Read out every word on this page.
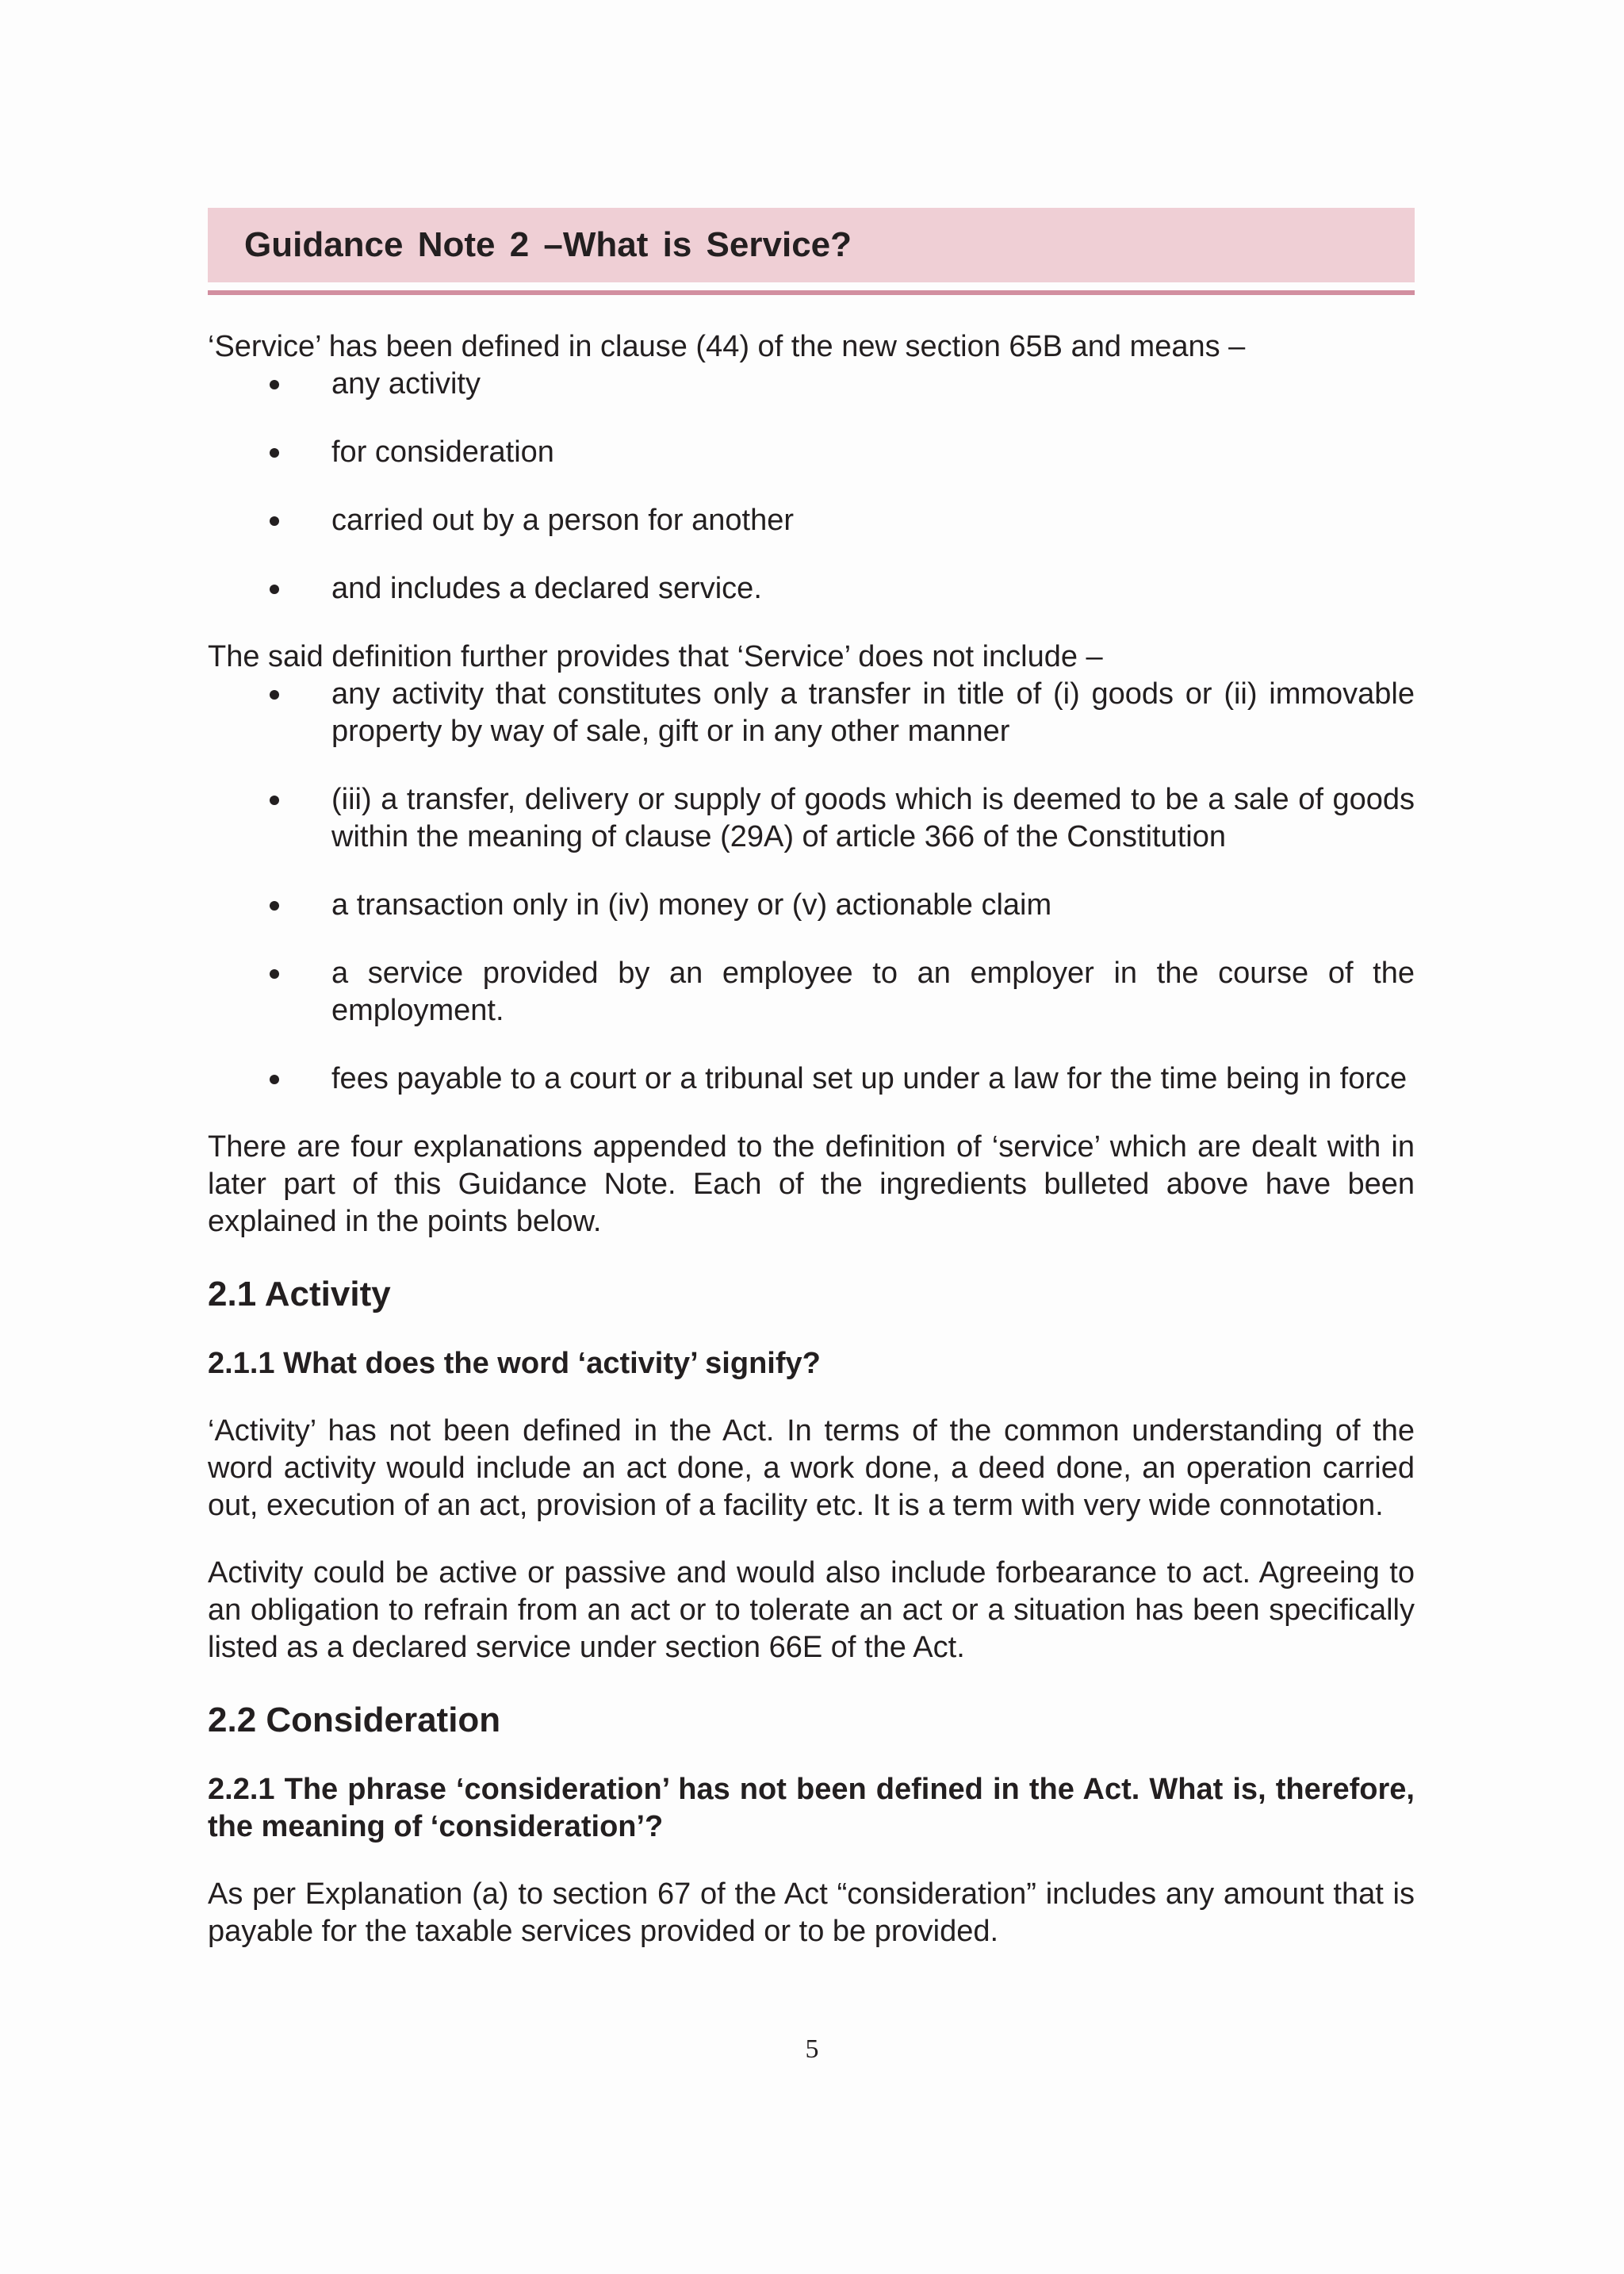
Guidance Note 2 –What is Service?

‘Service’ has been defined in clause (44) of the new section 65B and means –

any activity
for consideration
carried out by a person for another
and includes a declared service.

The said definition further provides that ‘Service’ does not include –

any activity that constitutes only a transfer in title of (i) goods or (ii) immovable property by way of sale, gift or in any other manner
(iii) a transfer, delivery or supply of goods which is deemed to be a sale of goods within the meaning of clause (29A) of article 366 of the Constitution
a transaction only in (iv) money or (v) actionable claim
a service provided by an employee to an employer in the course of the employment.
fees payable to a court or a tribunal set up under a law for the time being in force

There are four explanations appended to the definition of ‘service’ which are dealt with in later part of this Guidance Note. Each of the ingredients bulleted above have been explained in the points below.

2.1 Activity
2.1.1 What does the word ‘activity’ signify?

‘Activity’ has not been defined in the Act. In terms of the common understanding of the word activity would include an act done, a work done, a deed done, an operation carried out, execution of an act, provision of a facility etc. It is a term with very wide connotation.

Activity could be active or passive and would also include forbearance to act. Agreeing to an obligation to refrain from an act or to tolerate an act or a situation has been specifically listed as a declared service under section 66E of the Act.

2.2 Consideration
2.2.1 The phrase ‘consideration’ has not been defined in the Act. What is, therefore, the meaning of ‘consideration’?

As per Explanation (a) to section 67 of the Act “consideration” includes any amount that is payable for the taxable services provided or to be provided.

5
